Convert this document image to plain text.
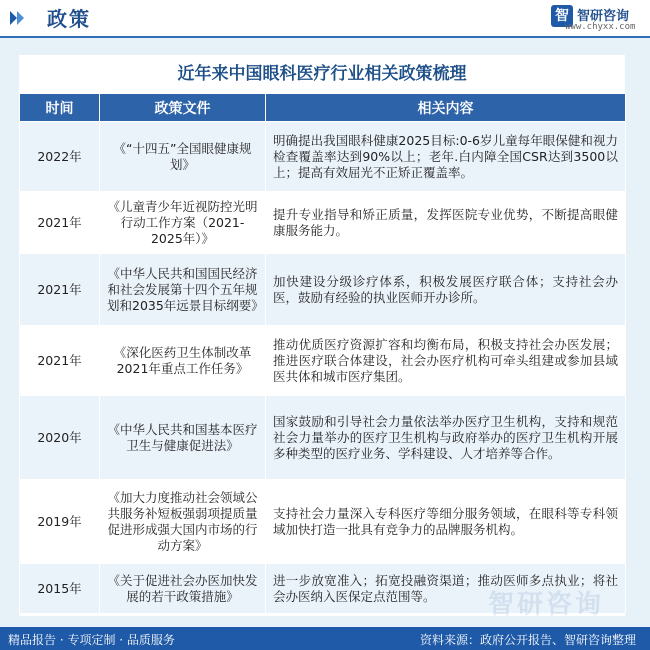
政策	智 智研咨询
www.chyxx.com
近年来中国眼科医疗行业相关政策梳理
时间	政策文件	相关内容
2022年	《“十四五”全国眼健康规划》	明确提出我国眼科健康2025目标:0-6岁儿童每年眼保健和视力检查覆盖率达到90%以上；老年.白内障全国CSR达到3500以上；提高有效屈光不正矫正覆盖率。
2021年	《儿童青少年近视防控光明行动工作方案（2021-2025年）》	提升专业指导和矫正质量，发挥医院专业优势，不断提高眼健康服务能力。
2021年	《中华人民共和国国民经济和社会发展第十四个五年规划和2035年远景目标纲要》	加快建设分级诊疗体系，积极发展医疗联合体；支持社会办医，鼓励有经验的执业医师开办诊所。
2021年	《深化医药卫生体制改革2021年重点工作任务》	推动优质医疗资源扩容和均衡布局，积极支持社会办医发展；推进医疗联合体建设，社会办医疗机构可牵头组建或参加县域医共体和城市医疗集团。
2020年	《中华人民共和国基本医疗卫生与健康促进法》	国家鼓励和引导社会力量依法举办医疗卫生机构，支持和规范社会力量举办的医疗卫生机构与政府举办的医疗卫生机构开展多种类型的医疗业务、学科建设、人才培养等合作。
2019年	《加大力度推动社会领域公共服务补短板强弱项提质量促进形成强大国内市场的行动方案》	支持社会力量深入专科医疗等细分服务领域，在眼科等专科领域加快打造一批具有竞争力的品牌服务机构。
2015年	《关于促进社会办医加快发展的若干政策措施》	进一步放宽准入；拓宽投融资渠道；推动医师多点执业；将社会办医纳入医保定点范围等。 智研咨询
精品报告 · 专项定制 · 品质服务	资料来源：政府公开报告、智研咨询整理
